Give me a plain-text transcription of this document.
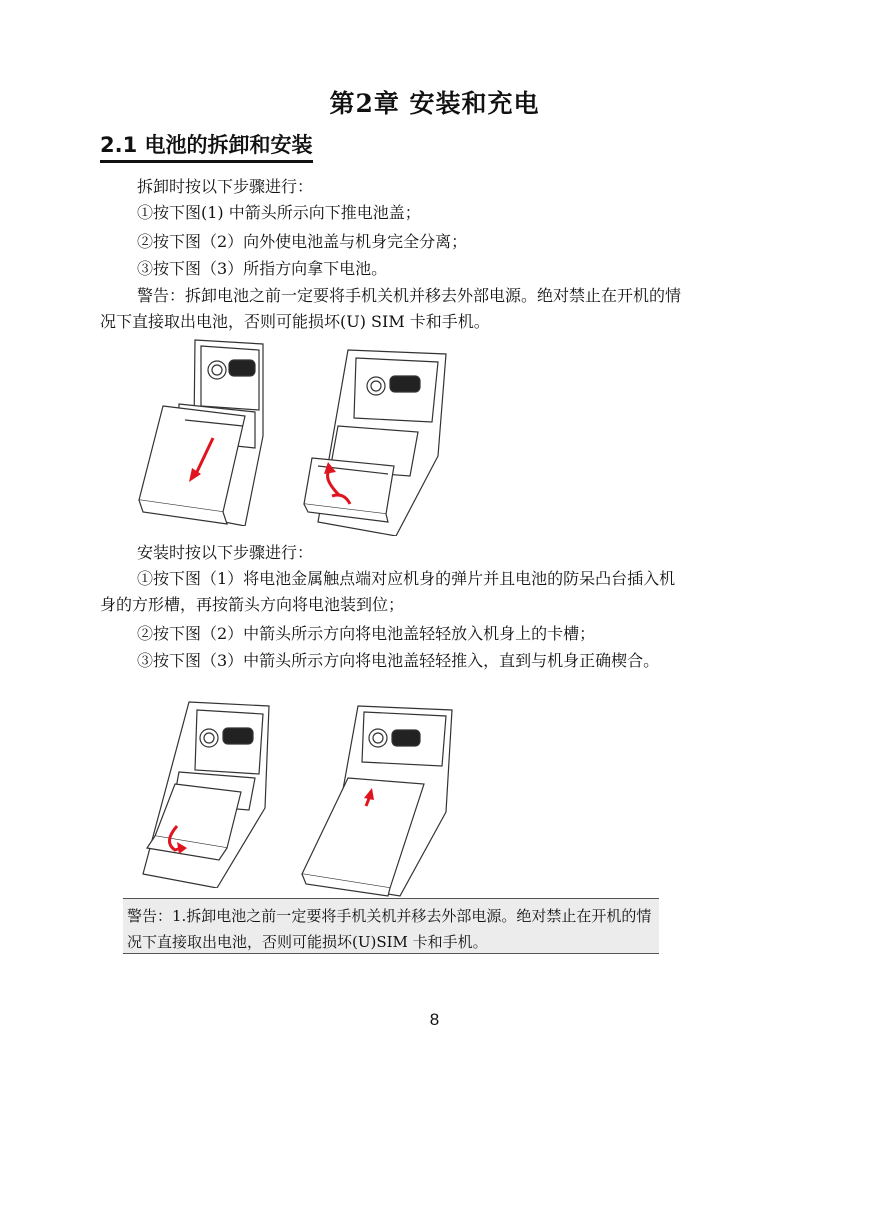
第2章 安装和充电
2.1 电池的拆卸和安装
拆卸时按以下步骤进行：
①按下图(1) 中箭头所示向下推电池盖；
②按下图（2）向外使电池盖与机身完全分离；
③按下图（3）所指方向拿下电池。
警告：拆卸电池之前一定要将手机关机并移去外部电源。绝对禁止在开机的情况下直接取出电池，否则可能损坏(U) SIM 卡和手机。
安装时按以下步骤进行：
①按下图（1）将电池金属触点端对应机身的弹片并且电池的防呆凸台插入机身的方形槽，再按箭头方向将电池装到位；
②按下图（2）中箭头所示方向将电池盖轻轻放入机身上的卡槽；
③按下图（3）中箭头所示方向将电池盖轻轻推入，直到与机身正确楔合。
警告：1.拆卸电池之前一定要将手机关机并移去外部电源。绝对禁止在开机的情况下直接取出电池，否则可能损坏(U)SIM 卡和手机。
8
